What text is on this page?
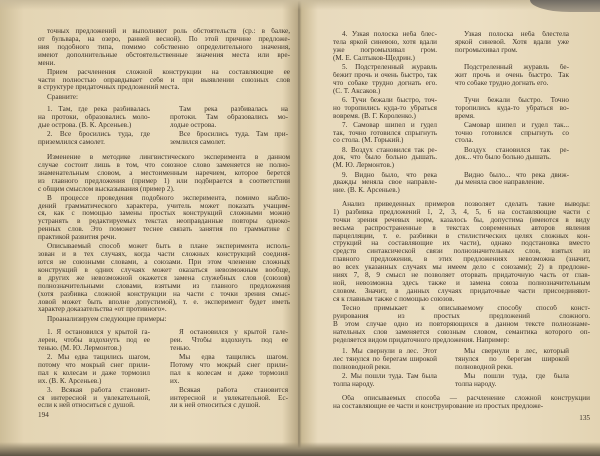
точных предложений и выполняют роль обстоятельств (ср.: в балке,
от бульвара, на озеро, ранней весной). По этой причине предложе-
ния подобного типа, помимо собственно определительного значения,
имеют дополнительные обстоятельственные значения места или вре-
мени.
Прием расчленения сложной конструкции на составляющие ее
части полностью оправдывает себя и при выявлении союзных слов
в структуре придаточных предложений места.
Сравните:
1. Там, где река разбивалась
на протоки, образовались моло-
дые острова. (В. К. Арсеньев.)
Там река разбивалась на
протоки. Там образовались мо-
лодые острова.
2. Все бросились туда, где
приземлился самолет.
Все бросились туда. Там при-
землился самолет.
Изменение в методике лингвистического эксперимента в данном
случае состоит лишь в том, что союзное слово заменяется не полно-
знаменательным словом, а местоименным наречием, которое берется
из главного предложения (пример 1) или подбирается в соответствии
с общим смыслом высказывания (пример 2).
В процессе проведения подобного эксперимента, помимо наблю-
дений грамматического характера, учитель может показать учащим-
ся, как с помощью замены простых конструкций сложными можно
устранять в редактируемых текстах неоправданные повторы одноко-
ренных слов. Это поможет теснее связать занятия по грамматике с
практикой развития речи.
Описываемый способ может быть в плане эксперимента исполь-
зован и в тех случаях, когда части сложных конструкций соединя-
ются не союзными словами, а союзами. При этом членение сложных
конструкций в одних случаях может оказаться невозможным вообще,
в других же невозможной окажется замена служебных слов (союзов)
полнозначительными словами, взятыми из главного предложения
(хотя разбивка сложной конструкции на части с точки зрения смыс-
ловой может быть вполне допустимой), т. е. эксперимент будет иметь
характер доказательства «от противного».
Проанализируем следующие примеры:
1. Я остановился у крытой га-
лереи, чтобы вздохнуть под ее
тенью. (М. Ю. Лермонтов.)
Я остановился у крытой гале-
реи. Чтобы вздохнуть под ее
тенью.
2. Мы едва тащились шагом,
потому что мокрый снег прили-
пал к колесам и даже тормозил
их. (В. К. Арсеньев.)
Мы едва тащились шагом.
Потому что мокрый снег прили-
пал к колесам и даже тормозил
их.
3. Всякая работа становит-
ся интересной и увлекательной,
если к ней относиться с душой.
Всякая работа становится
интересной и увлекательной. Ес-
ли к ней относиться с душой.
194
4. Узкая полоска неба блес-
тела яркой синевою, хотя вдали
уже погромыхивал гром.
(М. Е. Салтыков-Щедрин.)
Узкая полоска неба блестела
яркой синевой. Хотя вдали уже
погромыхивал гром.
5. Подстреленный журавль
бежит прочь и очень быстро, так
что собаке трудно догнать его.
(С. Т. Аксаков.)
Подстреленный журавль бе-
жит прочь и очень быстро. Так
что собаке трудно догнать его.
6. Тучи бежали быстро, точ-
но торопились куда-то убраться
вовремя. (В. Г. Короленко.)
Тучи бежали быстро. Точно
торопились куда-то убраться во-
время.
7. Самовар шипел и гудел
так, точно готовился спрыгнуть
со стола. (М. Горький.)
Самовар шипел и гудел так...
точно готовился спрыгнуть со
стола.
8. Воздух становился так ре-
док, что было больно дышать.
(М. Ю. Лермонтов.)
Воздух становился так ре-
док... что было больно дышать.
9. Видно было, что река
дважды меняла свое направле-
ние. (В. К. Арсеньев.)
Видно было... что река движ-
ды меняла свое направление.
Анализ приведенных примеров позволяет сделать такие выводы:
1) разбивка предложений 1, 2, 3, 4, 5, 6 на составляющие части с
точки зрения речевых норм, казалось бы, допустима (имеются в виду
весьма распространенные в текстах современных авторов явления
парцелляции, т. е. разбивки в стилистических целях сложных кон-
струкций на составляющие их части), однако подстановка вместо
средств синтаксической связи полнозначительных слов, взятых из
главного предложения, в этих предложениях невозможна (значит,
во всех указанных случаях мы имеем дело с союзами); 2) в предложе-
ниях 7, 8, 9 смысл не позволяет оторвать придаточную часть от глав-
ной, невозможна здесь также и замена союза полнозначительным
словом. Значит, в данных случаях придаточные части присоединяют-
ся к главным также с помощью союзов.
Тесно примыкает к описываемому способу способ конст-
руирования из простых предложений сложного.
В этом случае одно из повторяющихся в данном тексте полнознаме-
нательных слов заменяется союзным словом, семантика которого оп-
ределяется видом придаточного предложения. Например:
1. Мы свернули в лес. Этот
лес тянулся по берегам широкой
полноводной реки.
Мы свернули в лес, который
тянулся по берегам широкой
полноводной реки.
2. Мы пошли туда. Там была
толпа народу.
Мы пошли туда, где была
толпа народу.
Оба описываемых способа — расчленение сложной конструкции
на составляющие ее части и конструирование из простых предложе-
135
